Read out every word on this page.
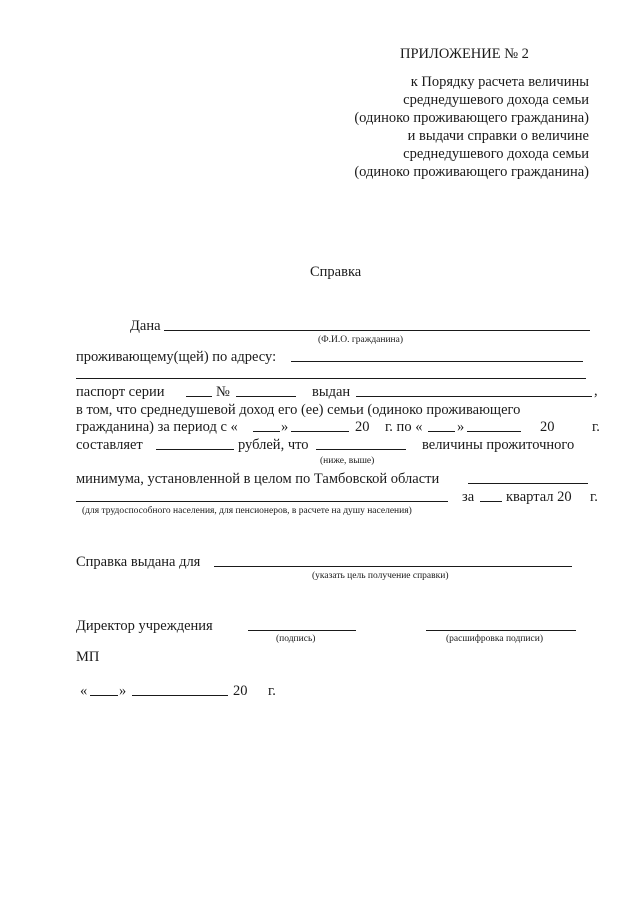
ПРИЛОЖЕНИЕ № 2
к Порядку расчета величины
среднедушевого дохода семьи
(одиноко проживающего гражданина)
и выдачи справки о величине
среднедушевого дохода семьи
(одиноко проживающего гражданина)
Справка
Дана
(Ф.И.О. гражданина)
проживающему(щей) по адресу:
паспорт серии	№	выдан	,
в том, что среднедушевой доход его (ее) семьи (одиноко проживающего
гражданина) за период с «	»	20 г. по « »	20	г.
составляет	рублей, что	величины прожиточного
(ниже, выше)
минимума, установленной в целом по Тамбовской области
за квартал 20 г.
(для трудоспособного населения, для пенсионеров, в расчете на душу населения)
Справка выдана для
(указать цель получение справки)
Директор учреждения
(подпись)	(расшифровка подписи)
МП
« »	20 г.
